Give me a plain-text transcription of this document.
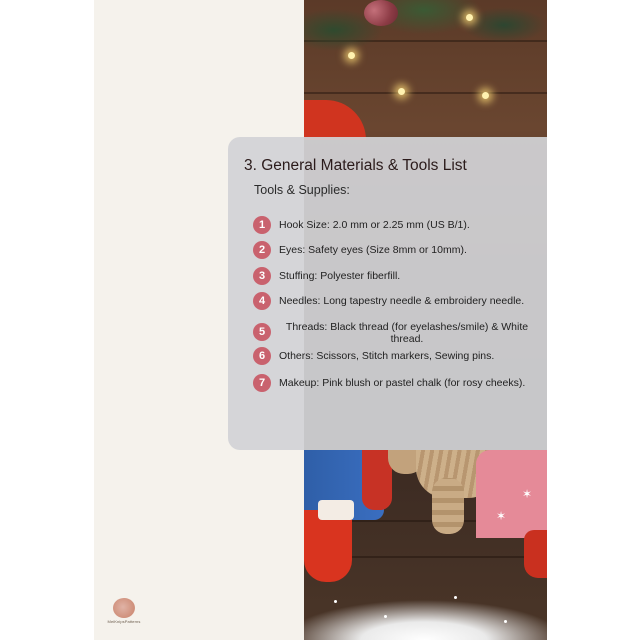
✶
✶
MeiKnipsPatterns
3. General Materials & Tools List
Tools & Supplies:
1	Hook Size: 2.0 mm or 2.25 mm (US B/1).
2	Eyes: Safety eyes (Size 8mm or 10mm).
3	Stuffing: Polyester fiberfill.
4	Needles: Long tapestry needle & embroidery needle.
5	Threads: Black thread (for eyelashes/smile) & White thread.
6	Others: Scissors, Stitch markers, Sewing pins.
7	Makeup: Pink blush or pastel chalk (for rosy cheeks).
